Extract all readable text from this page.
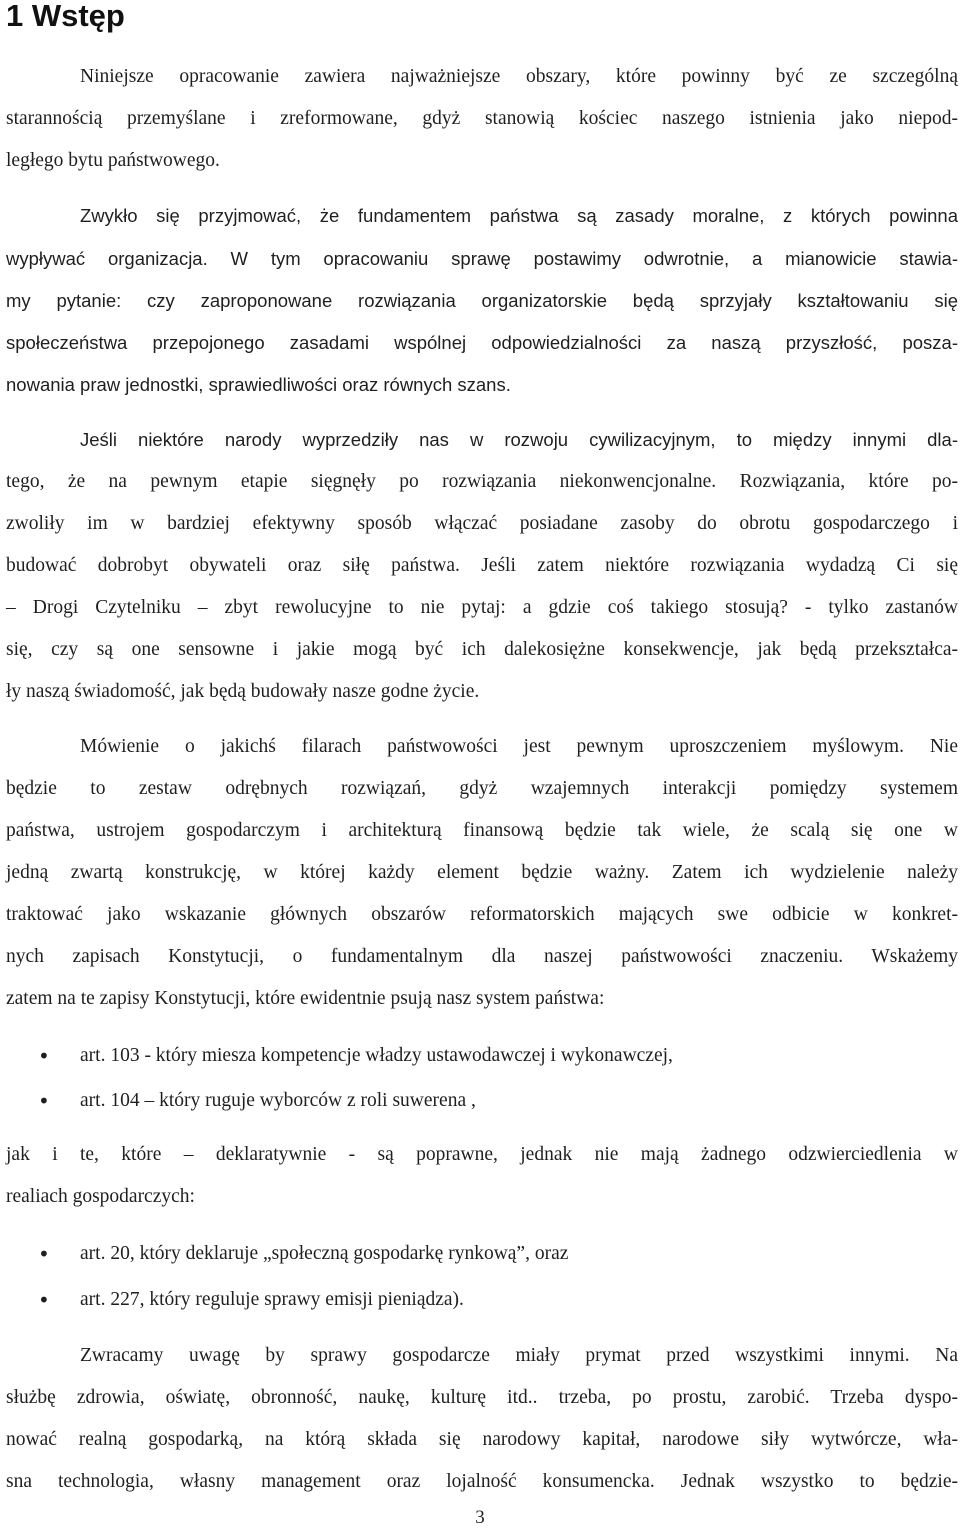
1 Wstęp
Niniejsze opracowanie zawiera najważniejsze obszary, które powinny być ze szczególną
starannością przemyślane i zreformowane, gdyż stanowią kościec naszego istnienia jako niepod-
ległego bytu państwowego.
Zwykło się przyjmować, że fundamentem państwa są zasady moralne, z których powinna
wypływać organizacja. W tym opracowaniu sprawę postawimy odwrotnie, a mianowicie stawia-
my pytanie: czy zaproponowane rozwiązania organizatorskie będą sprzyjały kształtowaniu się
społeczeństwa przepojonego zasadami wspólnej odpowiedzialności za naszą przyszłość, posza-
nowania praw jednostki, sprawiedliwości oraz równych szans.
Jeśli niektóre narody wyprzedziły nas w rozwoju cywilizacyjnym, to między innymi dla-
tego, że na pewnym etapie sięgnęły po rozwiązania niekonwencjonalne. Rozwiązania, które po-
zwoliły im w bardziej efektywny sposób włączać posiadane zasoby do obrotu gospodarczego i
budować dobrobyt obywateli oraz siłę państwa. Jeśli zatem niektóre rozwiązania wydadzą Ci się
– Drogi Czytelniku – zbyt rewolucyjne to nie pytaj: a gdzie coś takiego stosują? - tylko zastanów
się, czy są one sensowne i jakie mogą być ich dalekosiężne konsekwencje, jak będą przekształca-
ły naszą świadomość, jak będą budowały nasze godne życie.
Mówienie o jakichś filarach państwowości jest pewnym uproszczeniem myślowym. Nie
będzie to zestaw odrębnych rozwiązań, gdyż wzajemnych interakcji pomiędzy systemem
państwa, ustrojem gospodarczym i architekturą finansową będzie tak wiele, że scalą się one w
jedną zwartą konstrukcję, w której każdy element będzie ważny. Zatem ich wydzielenie należy
traktować jako wskazanie głównych obszarów reformatorskich mających swe odbicie w konkret-
nych zapisach Konstytucji, o fundamentalnym dla naszej państwowości znaczeniu. Wskażemy
zatem na te zapisy Konstytucji, które ewidentnie psują nasz system państwa:
• art. 103 - który miesza kompetencje władzy ustawodawczej i wykonawczej,
• art. 104 – który ruguje wyborców z roli suwerena ,
jak i te, które – deklaratywnie - są poprawne, jednak nie mają żadnego odzwierciedlenia w
realiach gospodarczych:
• art. 20, który deklaruje „społeczną gospodarkę rynkową”, oraz
• art. 227, który reguluje sprawy emisji pieniądza).
Zwracamy uwagę by sprawy gospodarcze miały prymat przed wszystkimi innymi. Na
służbę zdrowia, oświatę, obronność, naukę, kulturę itd.. trzeba, po prostu, zarobić. Trzeba dyspo-
nować realną gospodarką, na którą składa się narodowy kapitał, narodowe siły wytwórcze, wła-
sna technologia, własny management oraz lojalność konsumencka. Jednak wszystko to będzie-
3
